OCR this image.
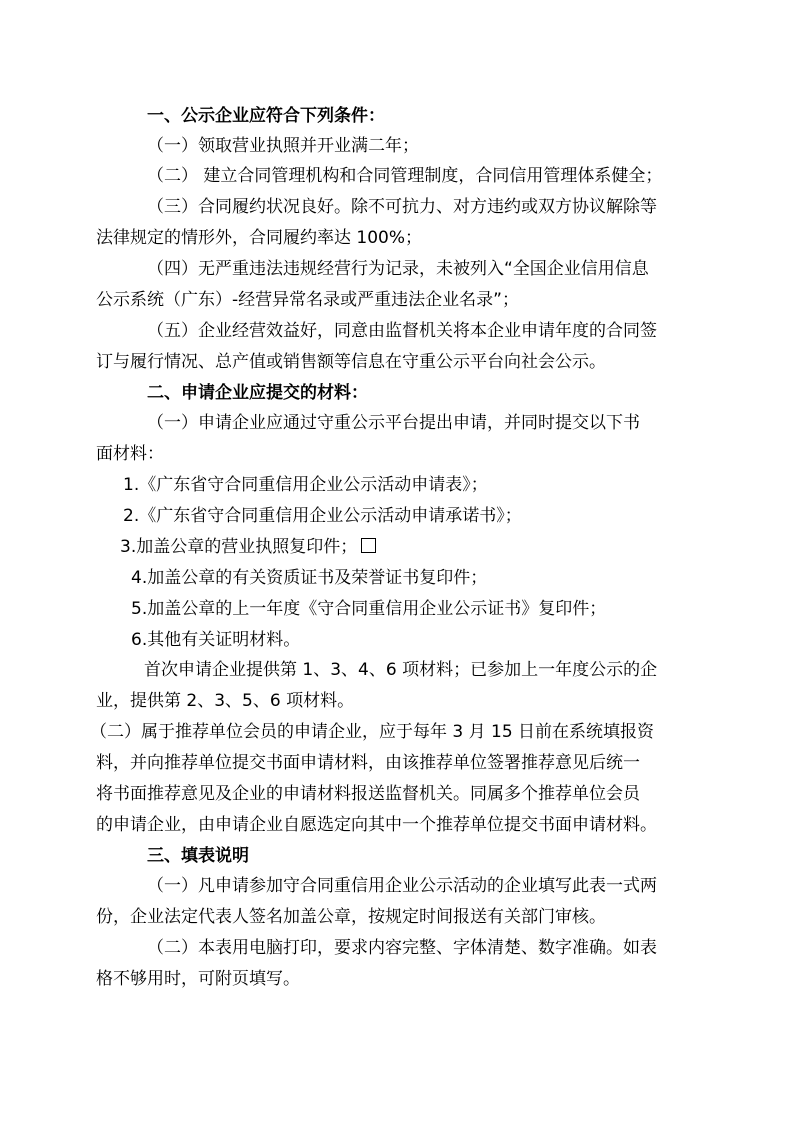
一、公示企业应符合下列条件：
（一）领取营业执照并开业满二年；
（二） 建立合同管理机构和合同管理制度，合同信用管理体系健全；
（三）合同履约状况良好。除不可抗力、对方违约或双方协议解除等
法律规定的情形外，合同履约率达 100%；
（四）无严重违法违规经营行为记录，未被列入“全国企业信用信息
公示系统（广东）-经营异常名录或严重违法企业名录”；
（五）企业经营效益好，同意由监督机关将本企业申请年度的合同签
订与履行情况、总产值或销售额等信息在守重公示平台向社会公示。
二、申请企业应提交的材料：
（一）申请企业应通过守重公示平台提出申请，并同时提交以下书
面材料：
1.《广东省守合同重信用企业公示活动申请表》；
2.《广东省守合同重信用企业公示活动申请承诺书》；
3.加盖公章的营业执照复印件；
4.加盖公章的有关资质证书及荣誉证书复印件；
5.加盖公章的上一年度《守合同重信用企业公示证书》复印件；
6.其他有关证明材料。
首次申请企业提供第 1、3、4、6 项材料；已参加上一年度公示的企
业，提供第 2、3、5、6 项材料。
（二）属于推荐单位会员的申请企业，应于每年 3 月 15 日前在系统填报资
料，并向推荐单位提交书面申请材料，由该推荐单位签署推荐意见后统一
将书面推荐意见及企业的申请材料报送监督机关。同属多个推荐单位会员
的申请企业，由申请企业自愿选定向其中一个推荐单位提交书面申请材料。
三、填表说明
（一）凡申请参加守合同重信用企业公示活动的企业填写此表一式两
份，企业法定代表人签名加盖公章，按规定时间报送有关部门审核。
（二）本表用电脑打印，要求内容完整、字体清楚、数字准确。如表
格不够用时，可附页填写。
